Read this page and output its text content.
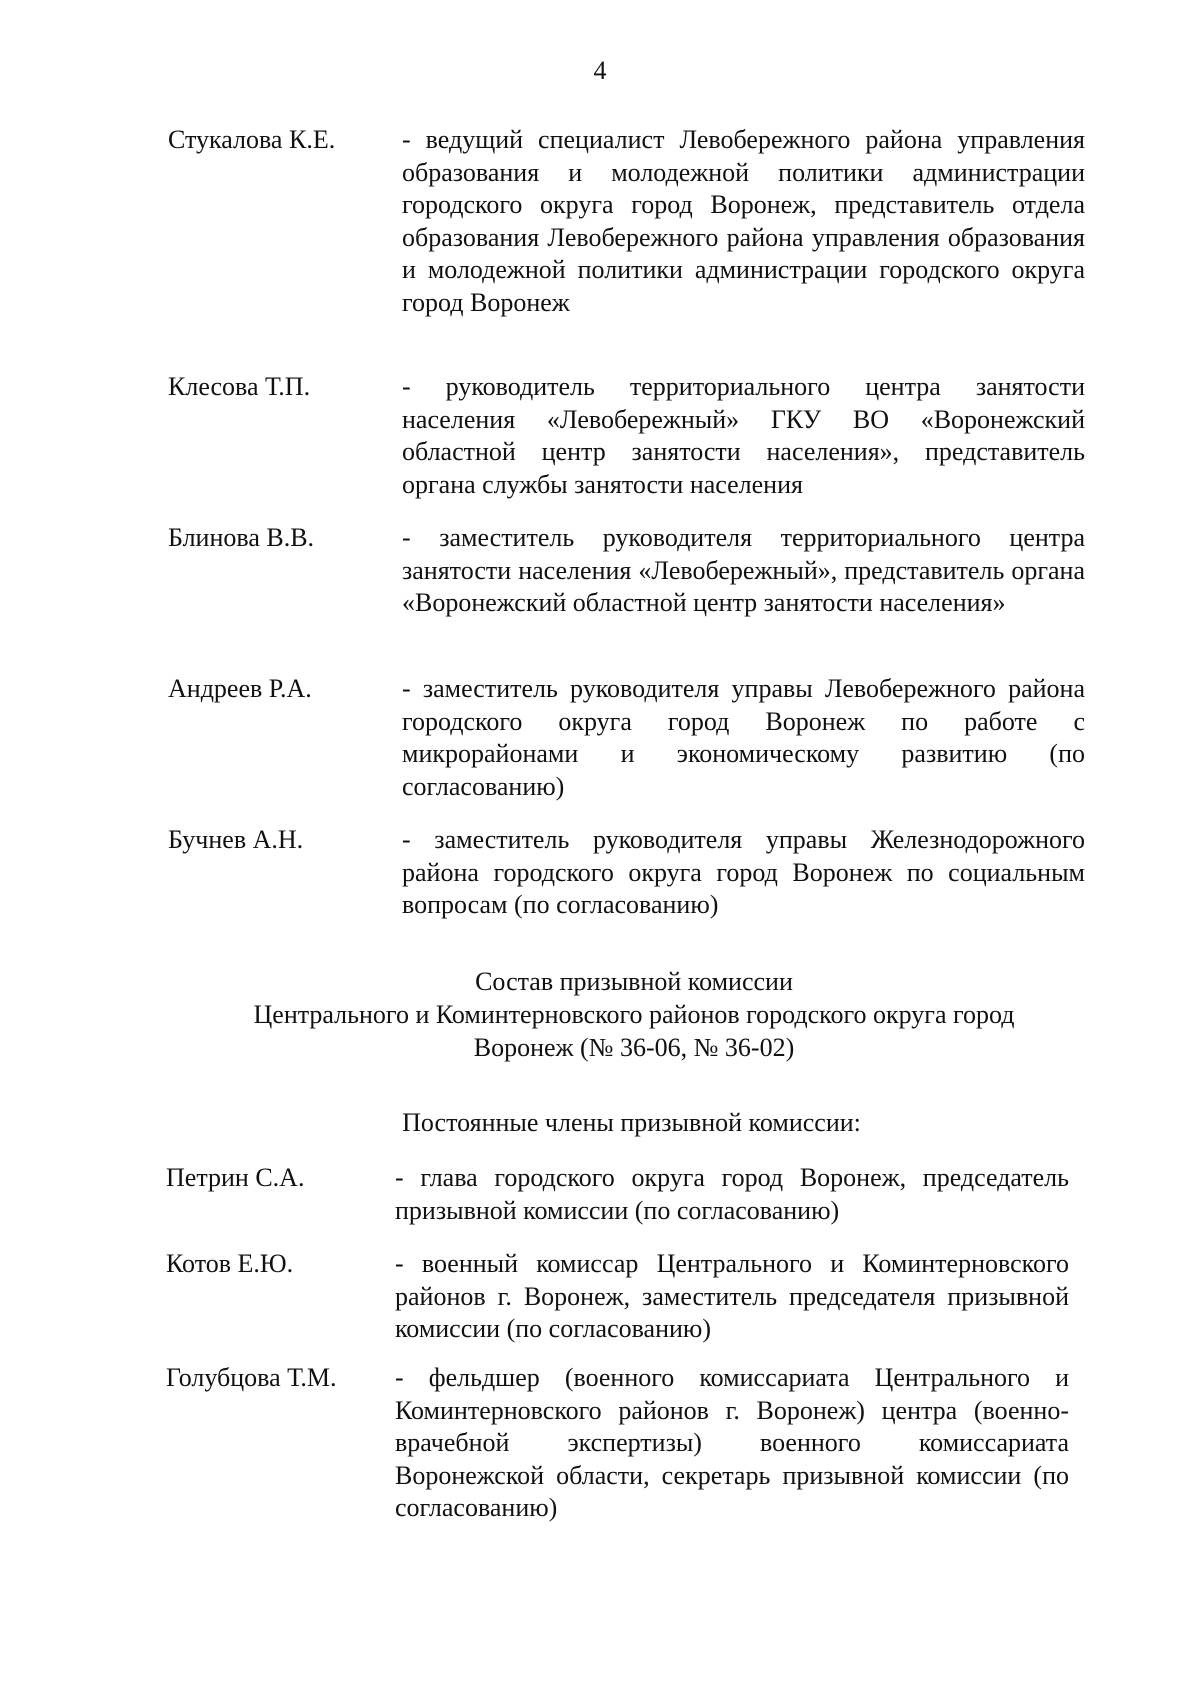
4
Стукалова К.Е.	- ведущий специалист Левобережного района управления образования и молодежной политики администрации городского округа город Воронеж, представитель отдела образования Левобережного района управления образования и молодежной политики администрации городского округа город Воронеж
Клесова Т.П.	- руководитель территориального центра занятости населения «Левобережный» ГКУ ВО «Воронежский областной центр занятости населения», представитель органа службы занятости населения
Блинова В.В.	- заместитель руководителя территориального центра занятости населения «Левобережный», представитель органа «Воронежский областной центр занятости населения»
Андреев Р.А.	- заместитель руководителя управы Левобережного района городского округа город Воронеж по работе с микрорайонами и экономическому развитию (по согласованию)
Бучнев А.Н.	- заместитель руководителя управы Железнодорожного района городского округа город Воронеж по социальным вопросам (по согласованию)
Состав призывной комиссии
Центрального и Коминтерновского районов городского округа город
Воронеж (№ 36-06, № 36-02)
Постоянные члены призывной комиссии:
Петрин С.А.	- глава городского округа город Воронеж, председатель призывной комиссии (по согласованию)
Котов Е.Ю.	- военный комиссар Центрального и Коминтерновского районов г. Воронеж, заместитель председателя призывной комиссии (по согласованию)
Голубцова Т.М. - фельдшер (военного комиссариата Центрального и Коминтерновского районов г. Воронеж) центра (военно-врачебной экспертизы) военного комиссариата Воронежской области, секретарь призывной комиссии (по согласованию)
